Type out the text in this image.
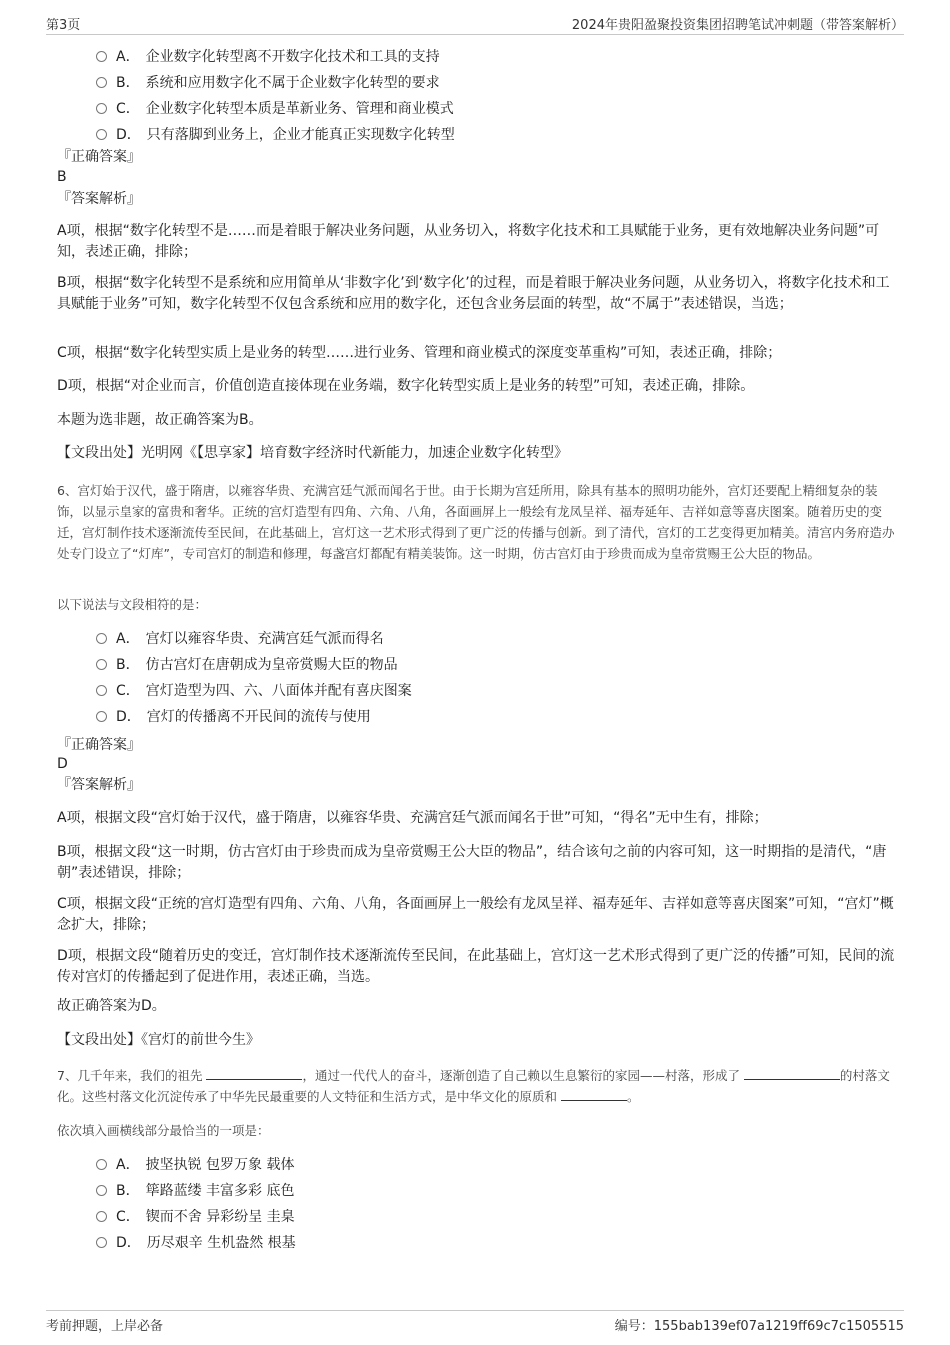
第3页	2024年贵阳盈聚投资集团招聘笔试冲刺题（带答案解析）
A． 企业数字化转型离不开数字化技术和工具的支持
B． 系统和应用数字化不属于企业数字化转型的要求
C． 企业数字化转型本质是革新业务、管理和商业模式
D． 只有落脚到业务上，企业才能真正实现数字化转型
『正确答案』
B
『答案解析』

A项，根据“数字化转型不是……而是着眼于解决业务问题，从业务切入，将数字化技术和工具赋能于业务，更有效地解决业务问题”可知，表述正确，排除；

B项，根据“数字化转型不是系统和应用简单从‘非数字化’到‘数字化’的过程，而是着眼于解决业务问题，从业务切入，将数字化技术和工具赋能于业务”可知，数字化转型不仅包含系统和应用的数字化，还包含业务层面的转型，故“不属于”表述错误，当选；

C项，根据“数字化转型实质上是业务的转型……进行业务、管理和商业模式的深度变革重构”可知，表述正确，排除；

D项，根据“对企业而言，价值创造直接体现在业务端，数字化转型实质上是业务的转型”可知，表述正确，排除。

本题为选非题，故正确答案为B。

【文段出处】光明网《【思享家】培育数字经济时代新能力，加速企业数字化转型》

6、宫灯始于汉代，盛于隋唐，以雍容华贵、充满宫廷气派而闻名于世。由于长期为宫廷所用，除具有基本的照明功能外，宫灯还要配上精细复杂的装饰，以显示皇家的富贵和奢华。正统的宫灯造型有四角、六角、八角，各面画屏上一般绘有龙凤呈祥、福寿延年、吉祥如意等喜庆图案。随着历史的变迁，宫灯制作技术逐渐流传至民间，在此基础上，宫灯这一艺术形式得到了更广泛的传播与创新。到了清代，宫灯的工艺变得更加精美。清宫内务府造办处专门设立了“灯库”，专司宫灯的制造和修理，每盏宫灯都配有精美装饰。这一时期，仿古宫灯由于珍贵而成为皇帝赏赐王公大臣的物品。

以下说法与文段相符的是：

A． 宫灯以雍容华贵、充满宫廷气派而得名
B． 仿古宫灯在唐朝成为皇帝赏赐大臣的物品
C． 宫灯造型为四、六、八面体并配有喜庆图案
D． 宫灯的传播离不开民间的流传与使用
『正确答案』
D
『答案解析』

A项，根据文段“宫灯始于汉代，盛于隋唐，以雍容华贵、充满宫廷气派而闻名于世”可知，“得名”无中生有，排除；

B项，根据文段“这一时期，仿古宫灯由于珍贵而成为皇帝赏赐王公大臣的物品”，结合该句之前的内容可知，这一时期指的是清代，“唐朝”表述错误，排除；

C项，根据文段“正统的宫灯造型有四角、六角、八角，各面画屏上一般绘有龙凤呈祥、福寿延年、吉祥如意等喜庆图案”可知，“宫灯”概念扩大，排除；

D项，根据文段“随着历史的变迁，宫灯制作技术逐渐流传至民间，在此基础上，宫灯这一艺术形式得到了更广泛的传播”可知，民间的流传对宫灯的传播起到了促进作用，表述正确，当选。

故正确答案为D。

【文段出处】《宫灯的前世今生》

7、几千年来，我们的祖先	，通过一代代人的奋斗，逐渐创造了自己赖以生息繁衍的家园——村落，形成了	的村落文化。这些村落文化沉淀传承了中华先民最重要的人文特征和生活方式，是中华文化的原质和	。

依次填入画横线部分最恰当的一项是：

A． 披坚执锐 包罗万象 载体
B． 筚路蓝缕 丰富多彩 底色
C． 锲而不舍 异彩纷呈 圭臬
D． 历尽艰辛 生机盎然 根基
考前押题，上岸必备	编号：155bab139ef07a1219ff69c7c1505515
